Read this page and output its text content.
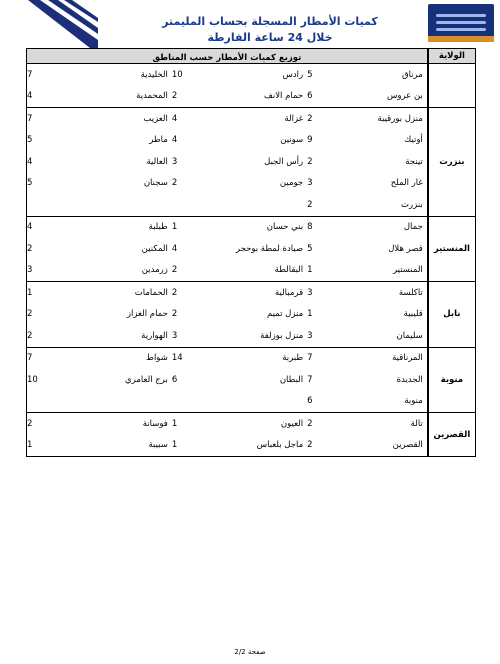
كميات الأمطار المسجلة بحساب المليمتر
خلال 24 ساعة الفارطة
الولاية						
	توزيع كميات الأمطار حسب المناطق					
	مرناق	5	رادس	10	الخليدية	7
	بن عروس	6	حمام الانف	2	المحمدية	4
بنزرت	منزل بورقيبة	2	غزالة	4	العزيب	7
	أوتيك	9	سونين	4	ماطر	5
	تينجة	2	رأس الجبل	3	العالية	4
	غار الملح	3	جومين	2	سجنان	5
	بنزرت	2				
المنستير	جمال	8	بني حسان	1	طبلبة	4
	قصر هلال	5	صيادة لمطة بوحجر	4	المكنين	2
	المنستير	1	البقالطة	2	زرمدين	3
نابل	تاكلسة	3	قرمبالية	2	الحمامات	1
	قليبية	1	منزل تميم	2	حمام الغزاز	2
	سليمان	3	منزل بوزلفة	3	الهوارية	2
منوبة	المرناقية	7	طبربة	14	شواط	7
	الجديدة	7	البطان	6	برج العامري	10
	منوبة	6				
القصرين	تالة	2	العيون	1	فوسانة	2
	القصرين	2	ماجل بلعباس	1	سبيبة	1
صفحة 2/2
